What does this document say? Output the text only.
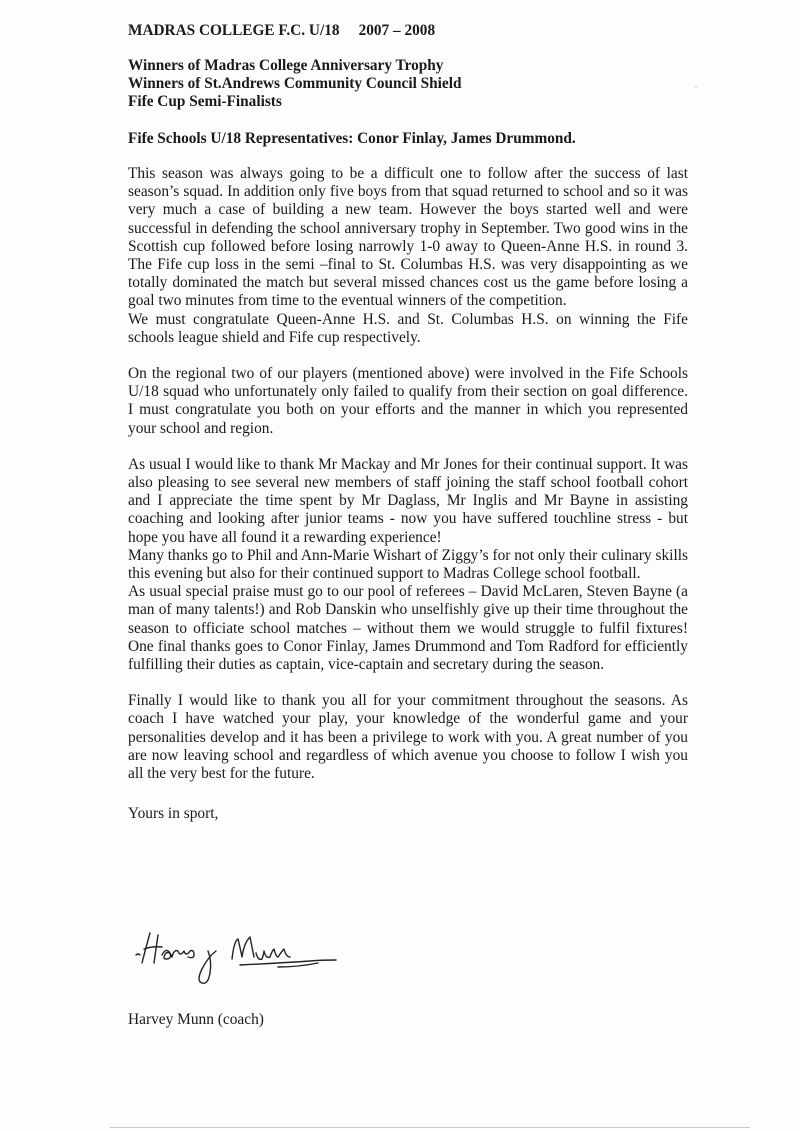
MADRAS COLLEGE F.C. U/18     2007 – 2008

Winners of Madras College Anniversary Trophy

Winners of St.Andrews Community Council Shield

Fife Cup Semi-Finalists

Fife Schools U/18 Representatives: Conor Finlay, James Drummond.

This season was always going to be a difficult one to follow after the success of last season’s squad. In addition only five boys from that squad returned to school and so it was very much a case of building a new team. However the boys started well and were successful in defending the school anniversary trophy in September. Two good wins in the Scottish cup followed before losing narrowly 1-0 away to Queen-Anne H.S. in round 3. The Fife cup loss in the semi –final to St. Columbas H.S. was very disappointing as we totally dominated the match but several missed chances cost us the game before losing a goal two minutes from time to the eventual winners of the competition.

We must congratulate Queen-Anne H.S. and St. Columbas H.S. on winning the Fife schools league shield and Fife cup respectively.

On the regional two of our players (mentioned above) were involved in the Fife Schools U/18 squad who unfortunately only failed to qualify from their section on goal difference. I must congratulate you both on your efforts and the manner in which you represented your school and region.

As usual I would like to thank Mr Mackay and Mr Jones for their continual support. It was also pleasing to see several new members of staff joining the staff school football cohort and I appreciate the time spent by Mr Daglass, Mr Inglis and Mr Bayne in assisting coaching and looking after junior teams - now you have suffered touchline stress - but hope you have all found it a rewarding experience!

Many thanks go to Phil and Ann-Marie Wishart of Ziggy’s for not only their culinary skills this evening but also for their continued support to Madras College school football.

As usual special praise must go to our pool of referees – David McLaren, Steven Bayne (a man of many talents!) and Rob Danskin who unselfishly give up their time throughout the season to officiate school matches – without them we would struggle to fulfil fixtures! One final thanks goes to Conor Finlay, James Drummond and Tom Radford for efficiently fulfilling their duties as captain, vice-captain and secretary during the season.

Finally I would like to thank you all for your commitment throughout the seasons. As coach I have watched your play, your knowledge of the wonderful game and your personalities develop and it has been a privilege to work with you. A great number of you are now leaving school and regardless of which avenue you choose to follow I wish you all the very best for the future.

Yours in sport,

Harvey Munn (coach)
